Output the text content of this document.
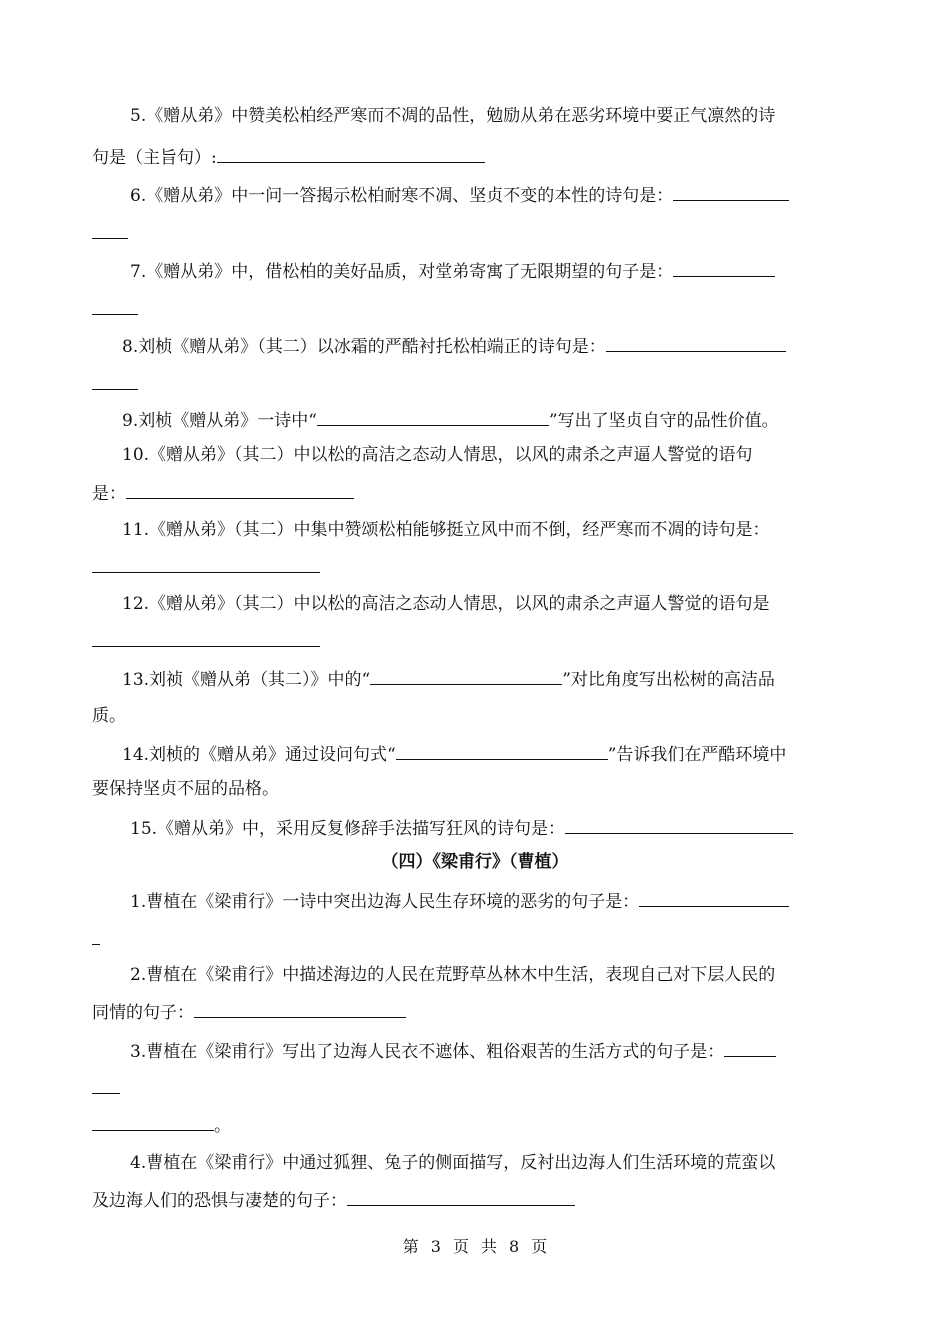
5.《赠从弟》中赞美松柏经严寒而不凋的品性，勉励从弟在恶劣环境中要正气凛然的诗
句是（主旨句）:
6.《赠从弟》中一问一答揭示松柏耐寒不凋、坚贞不变的本性的诗句是：
7.《赠从弟》中，借松柏的美好品质，对堂弟寄寓了无限期望的句子是：
8.刘桢《赠从弟》（其二）以冰霜的严酷衬托松柏端正的诗句是：
9.刘桢《赠从弟》一诗中“	”写出了坚贞自守的品性价值。
10.《赠从弟》（其二）中以松的高洁之态动人情思，以风的肃杀之声逼人警觉的语句
是：
11.《赠从弟》（其二）中集中赞颂松柏能够挺立风中而不倒，经严寒而不凋的诗句是：
12.《赠从弟》（其二）中以松的高洁之态动人情思，以风的肃杀之声逼人警觉的语句是
13.刘祯《赠从弟（其二）》中的“	”对比角度写出松树的高洁品
质。
14.刘桢的《赠从弟》通过设问句式“	”告诉我们在严酷环境中
要保持坚贞不屈的品格。
15.《赠从弟》中，采用反复修辞手法描写狂风的诗句是：
（四）《梁甫行》（曹植）
1.曹植在《梁甫行》一诗中突出边海人民生存环境的恶劣的句子是：
2.曹植在《梁甫行》中描述海边的人民在荒野草丛林木中生活，表现自己对下层人民的
同情的句子：
3.曹植在《梁甫行》写出了边海人民衣不遮体、粗俗艰苦的生活方式的句子是：
。
4.曹植在《梁甫行》中通过狐狸、兔子的侧面描写，反衬出边海人们生活环境的荒蛮以
及边海人们的恐惧与凄楚的句子：
第 3 页 共 8 页
